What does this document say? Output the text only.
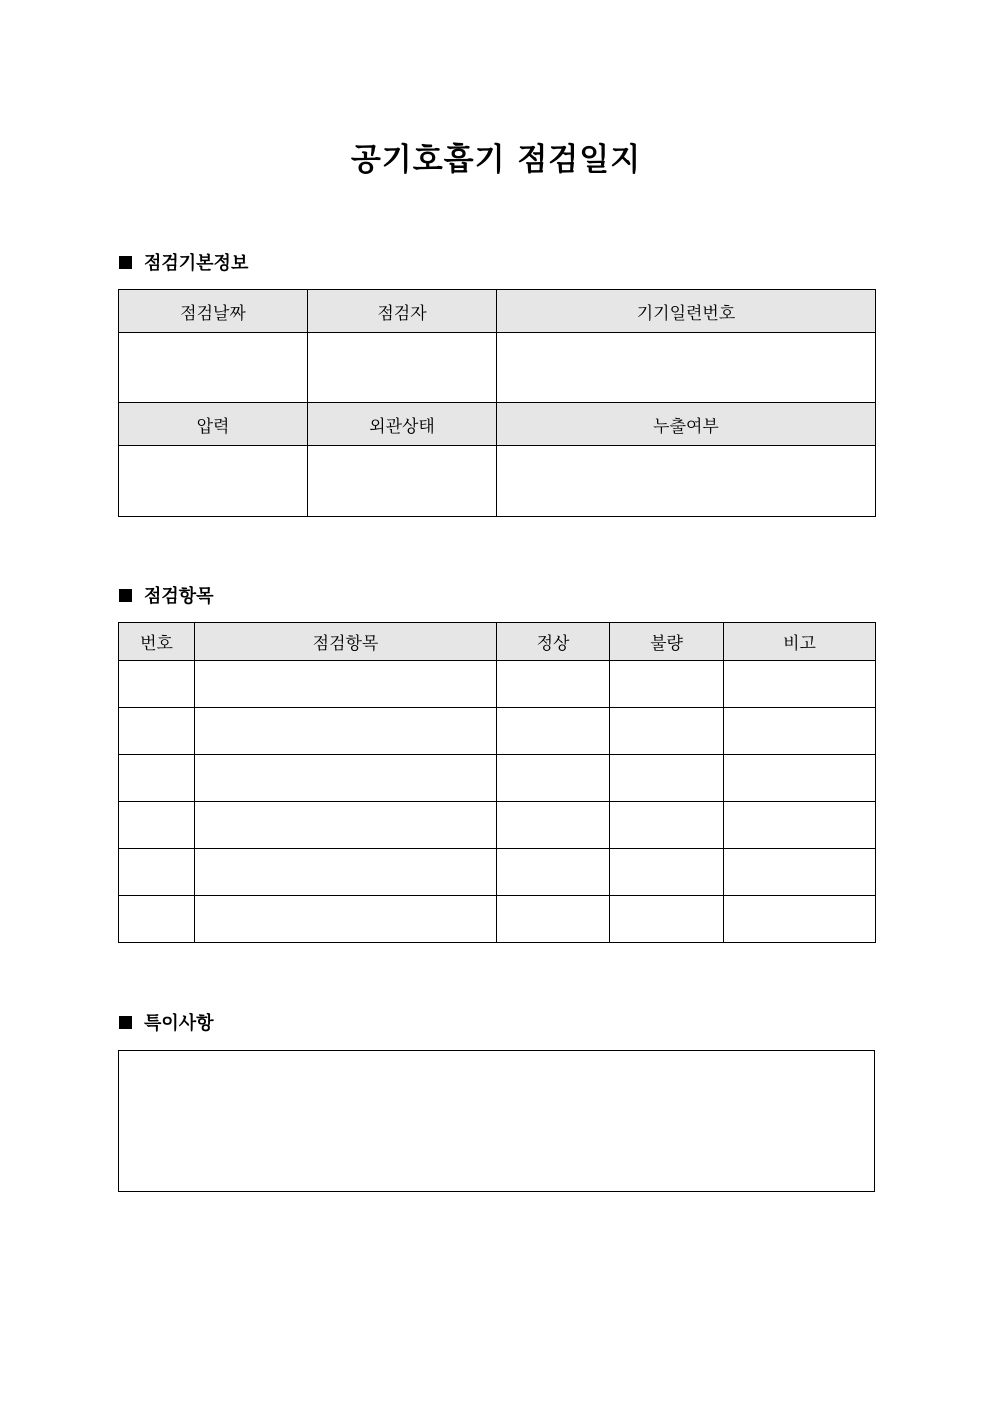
공기호흡기 점검일지
점검기본정보
점검날짜	점검자	기기일련번호

압력	외관상태	누출여부

점검항목
번호	점검항목	정상	불량	비고

특이사항
